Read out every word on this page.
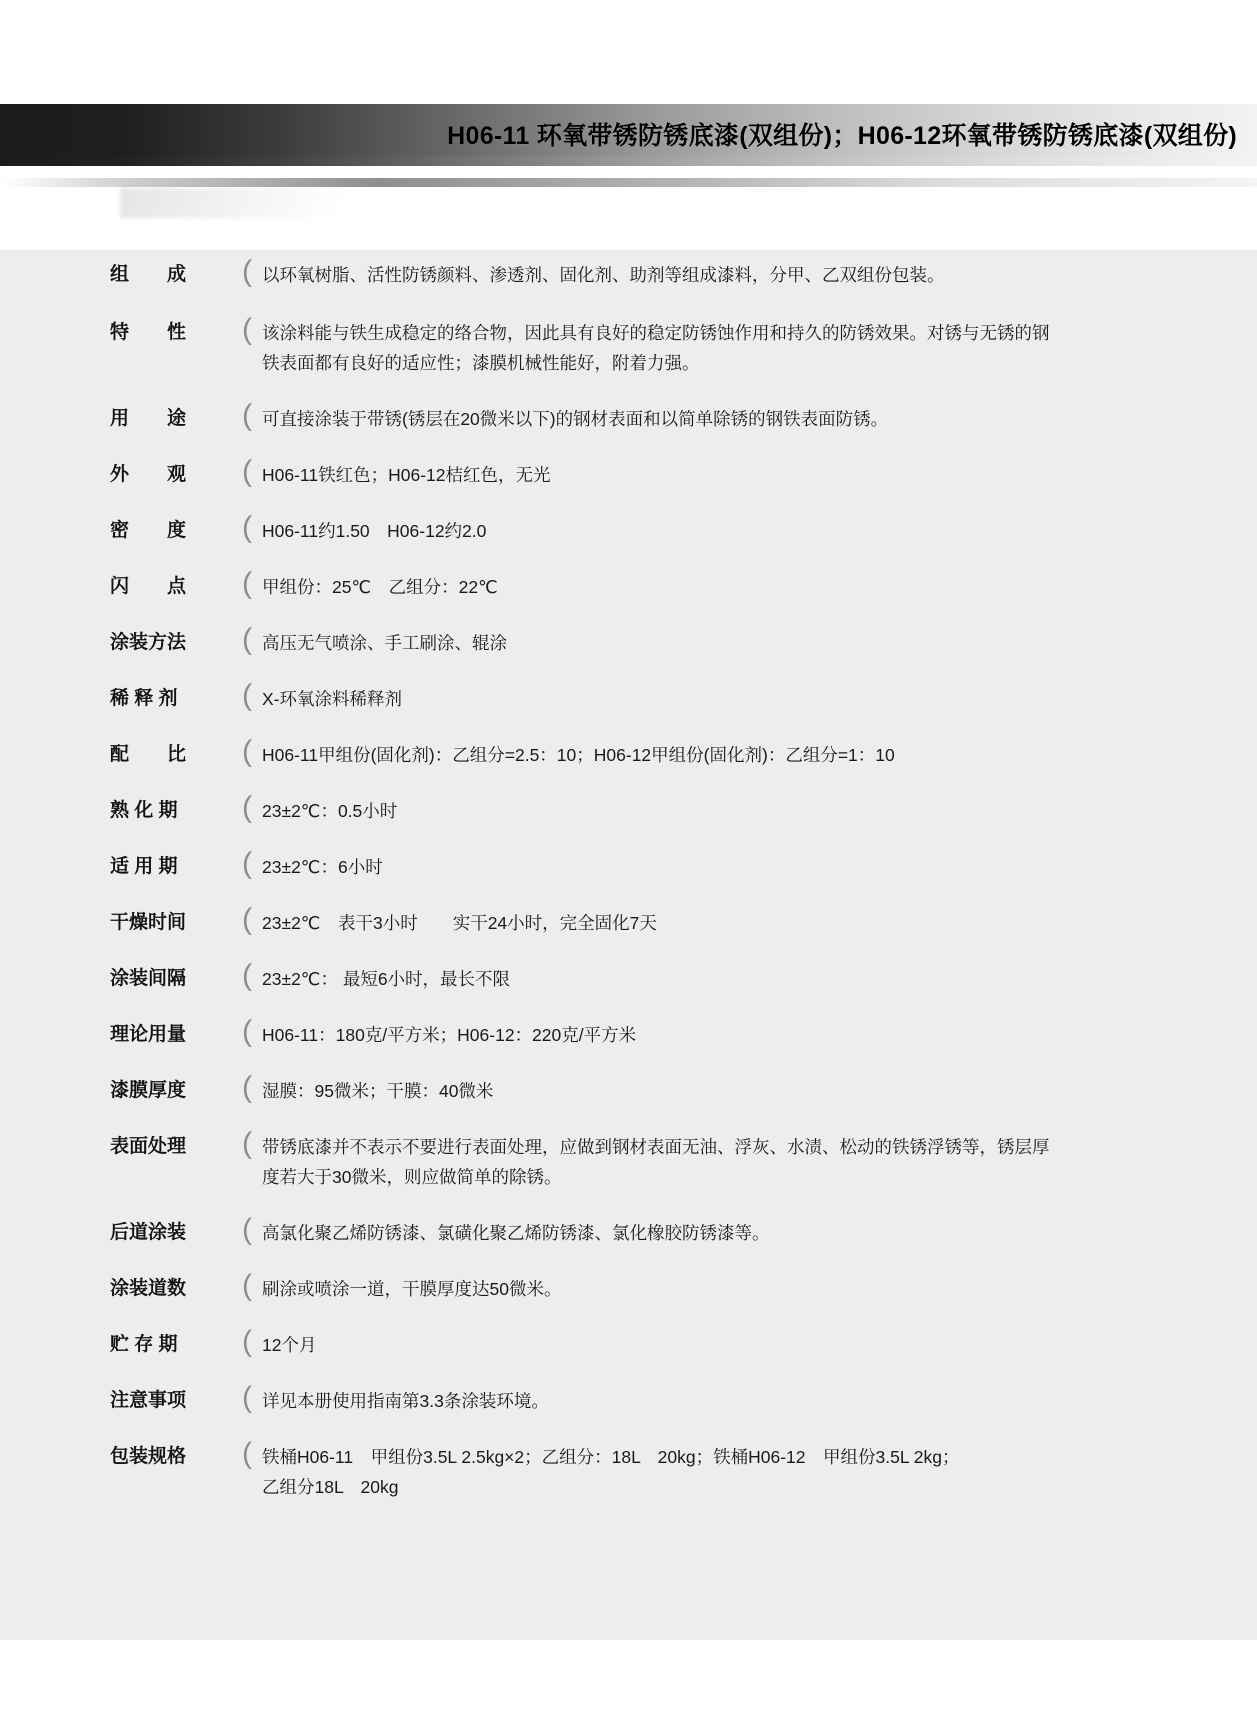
H06-11 环氧带锈防锈底漆(双组份)；H06-12环氧带锈防锈底漆(双组份)
组　　成	( 以环氧树脂、活性防锈颜料、渗透剂、固化剂、助剂等组成漆料，分甲、乙双组份包装。
特　　性	( 该涂料能与铁生成稳定的络合物，因此具有良好的稳定防锈蚀作用和持久的防锈效果。对锈与无锈的钢
铁表面都有良好的适应性；漆膜机械性能好，附着力强。
用　　途	( 可直接涂装于带锈(锈层在20微米以下)的钢材表面和以简单除锈的钢铁表面防锈。
外　　观	( H06-11铁红色；H06-12桔红色，无光
密　　度	( H06-11约1.50　H06-12约2.0
闪　　点	( 甲组份：25℃　乙组分：22℃
涂装方法	( 高压无气喷涂、手工刷涂、辊涂
稀 释 剂	( X-环氧涂料稀释剂
配　　比	( H06-11甲组份(固化剂)：乙组分=2.5：10；H06-12甲组份(固化剂)：乙组分=1：10
熟 化 期	( 23±2℃：0.5小时
适 用 期	( 23±2℃：6小时
干燥时间	( 23±2℃　表干3小时　　实干24小时，完全固化7天
涂装间隔	( 23±2℃： 最短6小时，最长不限
理论用量	( H06-11：180克/平方米；H06-12：220克/平方米
漆膜厚度	( 湿膜：95微米；干膜：40微米
表面处理	( 带锈底漆并不表示不要进行表面处理，应做到钢材表面无油、浮灰、水渍、松动的铁锈浮锈等，锈层厚
度若大于30微米，则应做简单的除锈。
后道涂装	( 高氯化聚乙烯防锈漆、氯磺化聚乙烯防锈漆、氯化橡胶防锈漆等。
涂装道数	( 刷涂或喷涂一道，干膜厚度达50微米。
贮 存 期	( 12个月
注意事项	( 详见本册使用指南第3.3条涂装环境。
包装规格	( 铁桶H06-11　甲组份3.5L 2.5kg×2；乙组分：18L　20kg；铁桶H06-12　甲组份3.5L 2kg；
乙组分18L　20kg
